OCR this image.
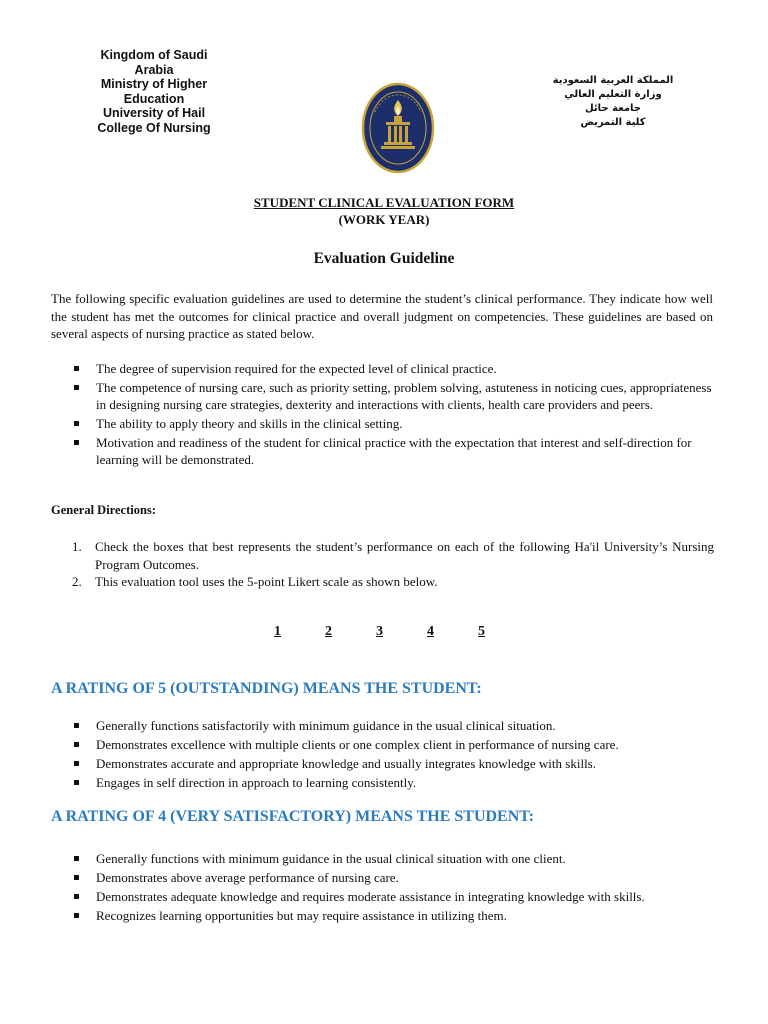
Kingdom of Saudi
Arabia
Ministry of Higher
Education
University of Hail
College Of Nursing
المملكة العربية السعودية
وزارة التعليم العالي
جامعة حائل
كلية التمريض
STUDENT CLINICAL EVALUATION FORM
(WORK YEAR)
Evaluation Guideline
The following specific evaluation guidelines are used to determine the student’s clinical performance. They indicate how well the student has met the outcomes for clinical practice and overall judgment on competencies. These guidelines are based on several aspects of nursing practice as stated below.
The degree of supervision required for the expected level of clinical practice.
The competence of nursing care, such as priority setting, problem solving, astuteness in noticing cues, appropriateness in designing nursing care strategies, dexterity and interactions with clients, health care providers and peers.
The ability to apply theory and skills in the clinical setting.
Motivation and readiness of the student for clinical practice with the expectation that interest and self-direction for learning will be demonstrated.
General Directions:
1. Check the boxes that best represents the student’s performance on each of the following Ha'il University’s Nursing Program Outcomes.
2. This evaluation tool uses the 5-point Likert scale as shown below.
1	2	3	4	5
A RATING OF 5 (OUTSTANDING) MEANS THE STUDENT:
Generally functions satisfactorily with minimum guidance in the usual clinical situation.
Demonstrates excellence with multiple clients or one complex client in performance of nursing care.
Demonstrates accurate and appropriate knowledge and usually integrates knowledge with skills.
Engages in self direction in approach to learning consistently.
A RATING OF 4 (VERY SATISFACTORY) MEANS THE STUDENT:
Generally functions with minimum guidance in the usual clinical situation with one client.
Demonstrates above average performance of nursing care.
Demonstrates adequate knowledge and requires moderate assistance in integrating knowledge with skills.
Recognizes learning opportunities but may require assistance in utilizing them.
